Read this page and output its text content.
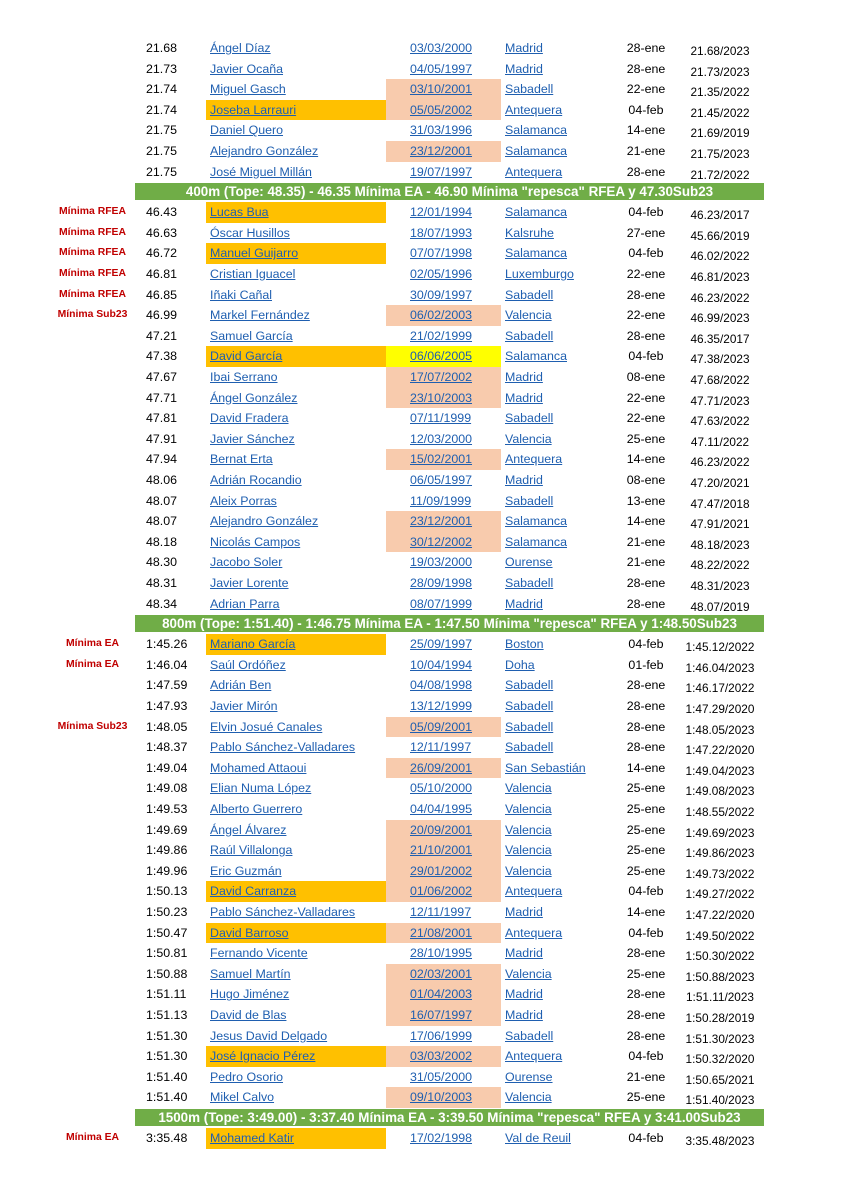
21.68	Ángel Díaz	03/03/2000	Madrid	28-ene	21.68/2023
21.73	Javier Ocaña	04/05/1997	Madrid	28-ene	21.73/2023
21.74	Miguel Gasch	03/10/2001	Sabadell	22-ene	21.35/2022
21.74	Joseba Larrauri	05/05/2002	Antequera	04-feb	21.45/2022
21.75	Daniel Quero	31/03/1996	Salamanca	14-ene	21.69/2019
21.75	Alejandro González	23/12/2001	Salamanca	21-ene	21.75/2023
21.75	José Miguel Millán	19/07/1997	Antequera	28-ene	21.72/2022
400m (Tope: 48.35) - 46.35 Mínima EA - 46.90 Mínima "repesca" RFEA y 47.30Sub23
Mínima RFEA	46.43	Lucas Bua	12/01/1994	Salamanca	04-feb	46.23/2017
Mínima RFEA	46.63	Óscar Husillos	18/07/1993	Kalsruhe	27-ene	45.66/2019
Mínima RFEA	46.72	Manuel Guijarro	07/07/1998	Salamanca	04-feb	46.02/2022
Mínima RFEA	46.81	Cristian Iguacel	02/05/1996	Luxemburgo	22-ene	46.81/2023
Mínima RFEA	46.85	Iñaki Cañal	30/09/1997	Sabadell	28-ene	46.23/2022
Mínima Sub23	46.99	Markel Fernández	06/02/2003	Valencia	22-ene	46.99/2023
47.21	Samuel García	21/02/1999	Sabadell	28-ene	46.35/2017
47.38	David García	06/06/2005	Salamanca	04-feb	47.38/2023
47.67	Ibai Serrano	17/07/2002	Madrid	08-ene	47.68/2022
47.71	Ángel González	23/10/2003	Madrid	22-ene	47.71/2023
47.81	David Fradera	07/11/1999	Sabadell	22-ene	47.63/2022
47.91	Javier Sánchez	12/03/2000	Valencia	25-ene	47.11/2022
47.94	Bernat Erta	15/02/2001	Antequera	14-ene	46.23/2022
48.06	Adrián Rocandio	06/05/1997	Madrid	08-ene	47.20/2021
48.07	Aleix Porras	11/09/1999	Sabadell	13-ene	47.47/2018
48.07	Alejandro González	23/12/2001	Salamanca	14-ene	47.91/2021
48.18	Nicolás Campos	30/12/2002	Salamanca	21-ene	48.18/2023
48.30	Jacobo Soler	19/03/2000	Ourense	21-ene	48.22/2022
48.31	Javier Lorente	28/09/1998	Sabadell	28-ene	48.31/2023
48.34	Adrian Parra	08/07/1999	Madrid	28-ene	48.07/2019
800m (Tope: 1:51.40) - 1:46.75 Mínima EA - 1:47.50 Mínima "repesca" RFEA y 1:48.50Sub23
Mínima EA	1:45.26	Mariano García	25/09/1997	Boston	04-feb	1:45.12/2022
Mínima EA	1:46.04	Saúl Ordóñez	10/04/1994	Doha	01-feb	1:46.04/2023
1:47.59	Adrián Ben	04/08/1998	Sabadell	28-ene	1:46.17/2022
1:47.93	Javier Mirón	13/12/1999	Sabadell	28-ene	1:47.29/2020
Mínima Sub23	1:48.05	Elvin Josué Canales	05/09/2001	Sabadell	28-ene	1:48.05/2023
1:48.37	Pablo Sánchez-Valladares	12/11/1997	Sabadell	28-ene	1:47.22/2020
1:49.04	Mohamed Attaoui	26/09/2001	San Sebastián	14-ene	1:49.04/2023
1:49.08	Elian Numa López	05/10/2000	Valencia	25-ene	1:49.08/2023
1:49.53	Alberto Guerrero	04/04/1995	Valencia	25-ene	1:48.55/2022
1:49.69	Ángel Álvarez	20/09/2001	Valencia	25-ene	1:49.69/2023
1:49.86	Raúl Villalonga	21/10/2001	Valencia	25-ene	1:49.86/2023
1:49.96	Eric Guzmán	29/01/2002	Valencia	25-ene	1:49.73/2022
1:50.13	David Carranza	01/06/2002	Antequera	04-feb	1:49.27/2022
1:50.23	Pablo Sánchez-Valladares	12/11/1997	Madrid	14-ene	1:47.22/2020
1:50.47	David Barroso	21/08/2001	Antequera	04-feb	1:49.50/2022
1:50.81	Fernando Vicente	28/10/1995	Madrid	28-ene	1:50.30/2022
1:50.88	Samuel Martín	02/03/2001	Valencia	25-ene	1:50.88/2023
1:51.11	Hugo Jiménez	01/04/2003	Madrid	28-ene	1:51.11/2023
1:51.13	David de Blas	16/07/1997	Madrid	28-ene	1:50.28/2019
1:51.30	Jesus David Delgado	17/06/1999	Sabadell	28-ene	1:51.30/2023
1:51.30	José Ignacio Pérez	03/03/2002	Antequera	04-feb	1:50.32/2020
1:51.40	Pedro Osorio	31/05/2000	Ourense	21-ene	1:50.65/2021
1:51.40	Mikel Calvo	09/10/2003	Valencia	25-ene	1:51.40/2023
1500m (Tope: 3:49.00) - 3:37.40 Mínima EA - 3:39.50 Mínima "repesca" RFEA y 3:41.00Sub23
Mínima EA	3:35.48	Mohamed Katir	17/02/1998	Val de Reuil	04-feb	3:35.48/2023
